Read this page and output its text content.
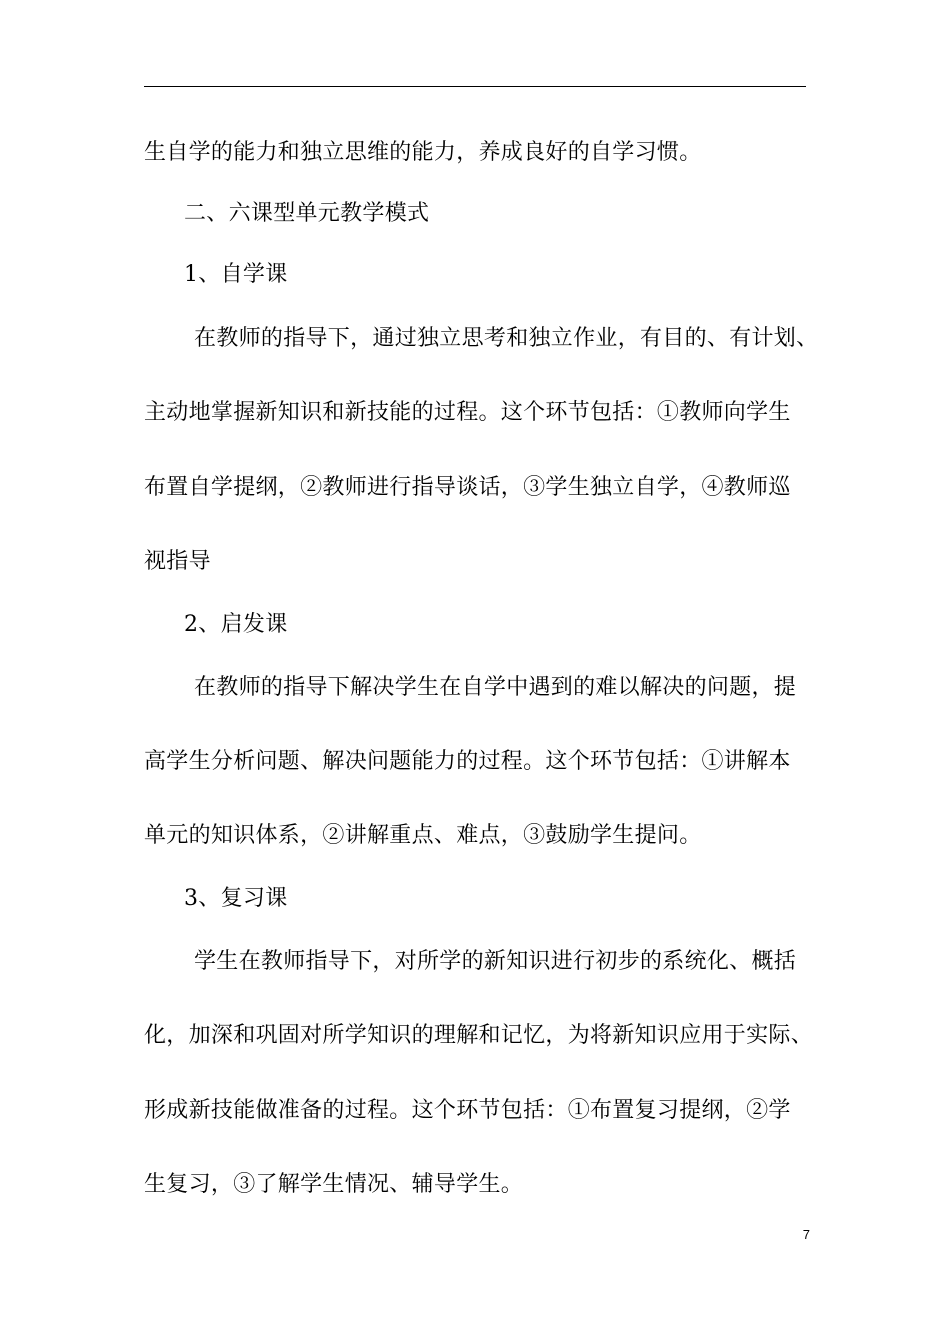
生自学的能力和独立思维的能力，养成良好的自学习惯。
二、六课型单元教学模式
1、自学课
在教师的指导下，通过独立思考和独立作业，有目的、有计划、
主动地掌握新知识和新技能的过程。这个环节包括：①教师向学生
布置自学提纲，②教师进行指导谈话，③学生独立自学，④教师巡
视指导
2、启发课
在教师的指导下解决学生在自学中遇到的难以解决的问题，提
高学生分析问题、解决问题能力的过程。这个环节包括：①讲解本
单元的知识体系，②讲解重点、难点，③鼓励学生提问。
3、复习课
学生在教师指导下，对所学的新知识进行初步的系统化、概括
化，加深和巩固对所学知识的理解和记忆，为将新知识应用于实际、
形成新技能做准备的过程。这个环节包括：①布置复习提纲，②学
生复习，③了解学生情况、辅导学生。
7
